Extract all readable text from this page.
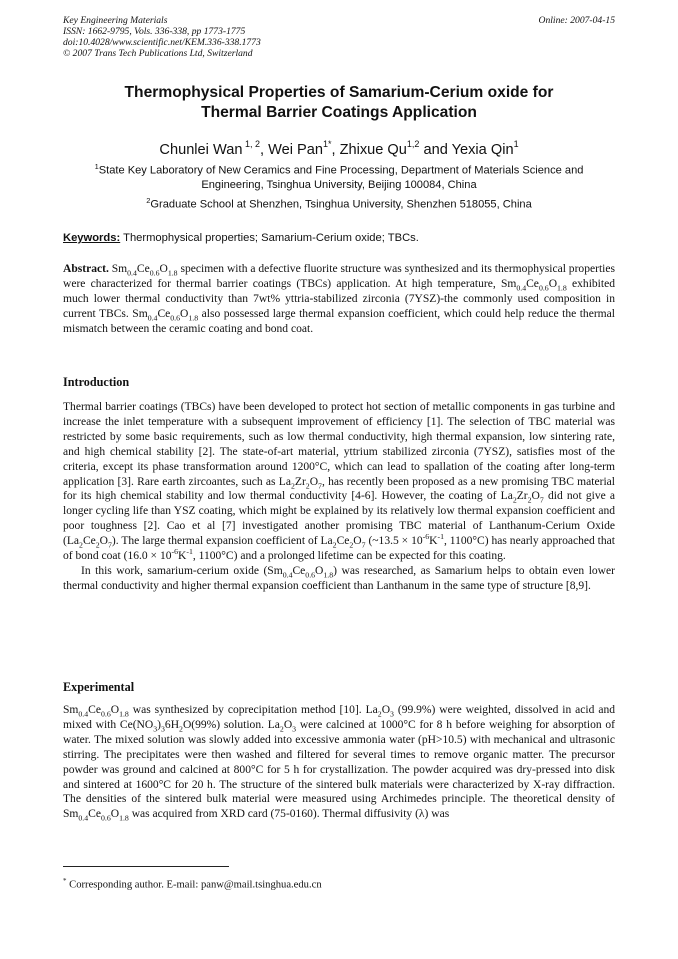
Key Engineering Materials
ISSN: 1662-9795, Vols. 336-338, pp 1773-1775
doi:10.4028/www.scientific.net/KEM.336-338.1773
© 2007 Trans Tech Publications Ltd, Switzerland
Online: 2007-04-15
Thermophysical Properties of Samarium-Cerium oxide for
Thermal Barrier Coatings Application
Chunlei Wan $^{1, 2}$, Wei Pan$^{1*}$, Zhixue Qu$^{1,2}$ and Yexia Qin$^1$
$^1$State Key Laboratory of New Ceramics and Fine Processing, Department of Materials Science and Engineering, Tsinghua University, Beijing 100084, China
$^2$Graduate School at Shenzhen, Tsinghua University, Shenzhen 518055, China
Keywords: Thermophysical properties; Samarium-Cerium oxide; TBCs.

Abstract. $Sm_{0.4}Ce_{0.6}O_{1.8}$ specimen with a defective fluorite structure was synthesized and its thermophysical properties were characterized for thermal barrier coatings (TBCs) application. At high temperature, $Sm_{0.4}Ce_{0.6}O_{1.8}$ exhibited much lower thermal conductivity than 7wt% yttria-stabilized zirconia (7YSZ)-the commonly used composition in current TBCs. $Sm_{0.4}Ce_{0.6}O_{1.8}$ also possessed large thermal expansion coefficient, which could help reduce the thermal mismatch between the ceramic coating and bond coat.

Introduction

Thermal barrier coatings (TBCs) have been developed to protect hot section of metallic components in gas turbine and increase the inlet temperature with a subsequent improvement of efficiency [1]. The selection of TBC material was restricted by some basic requirements, such as low thermal conductivity, high thermal expansion, low sintering rate, and high chemical stability [2]. The state-of-art material, yttrium stabilized zirconia (7YSZ), satisfies most of the criteria, except its phase transformation around 1200°C, which can lead to spallation of the coating after long-term application [3]. Rare earth zircoantes, such as $La_2Zr_2O_7$, has recently been proposed as a new promising TBC material for its high chemical stability and low thermal conductivity [4-6]. However, the coating of $La_2Zr_2O_7$ did not give a longer cycling life than YSZ coating, which might be explained by its relatively low thermal expansion coefficient and poor toughness [2]. Cao et al [7] investigated another promising TBC material of Lanthanum-Cerium Oxide $(La_2Ce_2O_7)$. The large thermal expansion coefficient of $La_2Ce_2O_7$ (~13.5 × $10^{-6}K^{-1}$, 1100°C) has nearly approached that of bond coat ($16.0 \times 10^{-6}K^{-1}$, 1100°C) and a prolonged lifetime can be expected for this coating.

In this work, samarium-cerium oxide $(Sm_{0.4}Ce_{0.6}O_{1.8})$ was researched, as Samarium helps to obtain even lower thermal conductivity and higher thermal expansion coefficient than Lanthanum in the same type of structure [8,9].

Experimental

$Sm_{0.4}Ce_{0.6}O_{1.8}$ was synthesized by coprecipitation method [10]. $La_2O_3$ (99.9%) were weighted, dissolved in acid and mixed with $Ce(NO_3)_36H_2O(99\%)$ solution. $La_2O_3$ were calcined at 1000°C for 8 h before weighing for absorption of water. The mixed solution was slowly added into excessive ammonia water (pH>10.5) with mechanical and ultrasonic stirring. The precipitates were then washed and filtered for several times to remove organic matter. The precursor powder was ground and calcined at 800°C for 5 h for crystallization. The powder acquired was dry-pressed into disk and sintered at 1600°C for 20 h. The structure of the sintered bulk materials were characterized by X-ray diffraction. The densities of the sintered bulk material were measured using Archimedes principle. The theoretical density of $Sm_{0.4}Ce_{0.6}O_{1.8}$ was acquired from XRD card (75-0160). Thermal diffusivity (λ) was

* Corresponding author. E-mail: panw@mail.tsinghua.edu.cn
